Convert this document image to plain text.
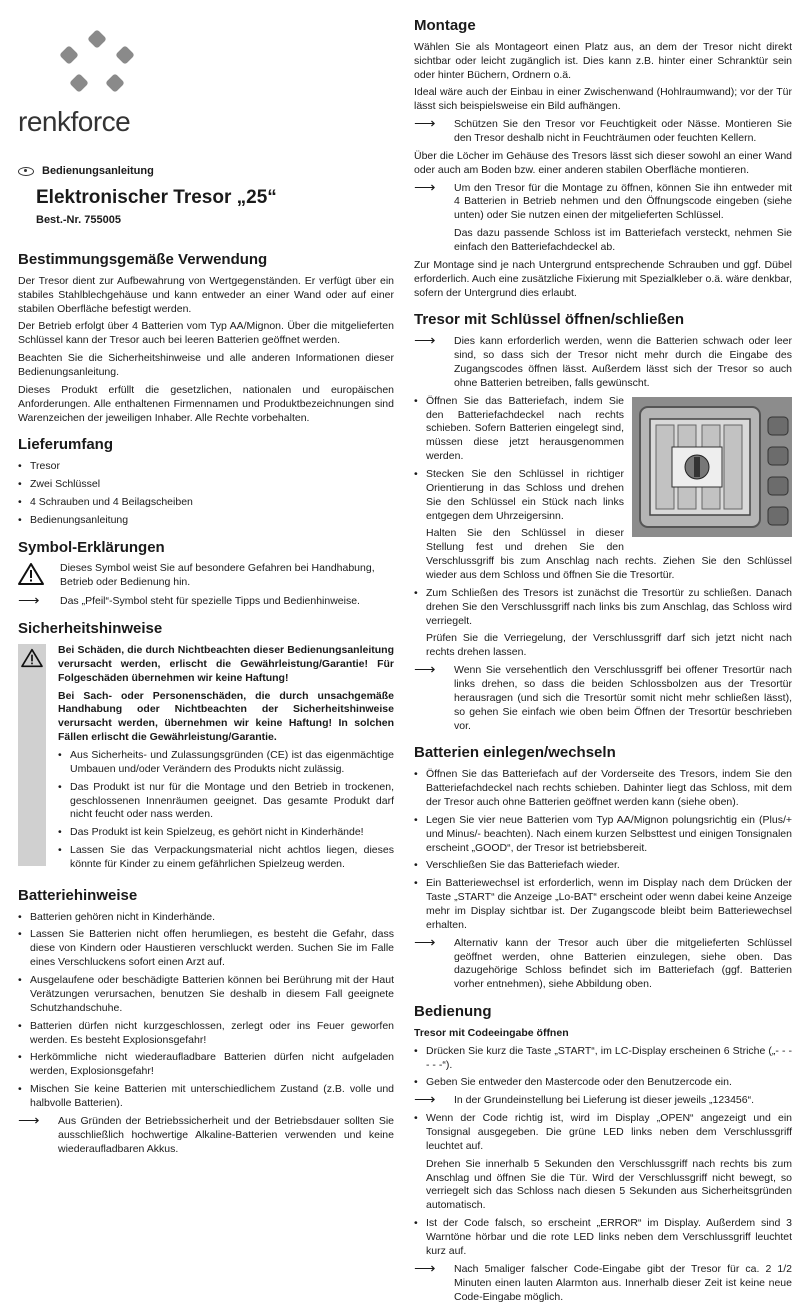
renkforce
Bedienungsanleitung
Elektronischer Tresor „25“
Best.-Nr. 755005
Bestimmungsgemäße Verwendung

Der Tresor dient zur Aufbewahrung von Wertgegenständen. Er verfügt über ein stabiles Stahlblechgehäuse und kann entweder an einer Wand oder auf einer stabilen Oberfläche befestigt werden.

Der Betrieb erfolgt über 4 Batterien vom Typ AA/Mignon. Über die mitgelieferten Schlüssel kann der Tresor auch bei leeren Batterien geöffnet werden.

Beachten Sie die Sicherheitshinweise und alle anderen Informationen dieser Bedienungsanleitung.

Dieses Produkt erfüllt die gesetzlichen, nationalen und europäischen Anforderungen. Alle enthaltenen Firmennamen und Produktbezeichnungen sind Warenzeichen der jeweiligen Inhaber. Alle Rechte vorbehalten.

Lieferumfang
• Tresor
• Zwei Schlüssel
• 4 Schrauben und 4 Beilagscheiben
• Bedienungsanleitung
Symbol-Erklärungen
Dieses Symbol weist Sie auf besondere Gefahren bei Handhabung, Betrieb oder Bedienung hin.
⟶	Das „Pfeil“-Symbol steht für spezielle Tipps und Bedienhinweise.
Sicherheitshinweise

Bei Schäden, die durch Nichtbeachten dieser Bedienungsanleitung verursacht werden, erlischt die Gewährleistung/Garantie! Für Folgeschäden übernehmen wir keine Haftung!

Bei Sach- oder Personenschäden, die durch unsachgemäße Handhabung oder Nichtbeachten der Sicherheitshinweise verursacht werden, übernehmen wir keine Haftung! In solchen Fällen erlischt die Gewährleistung/Garantie.

• Aus Sicherheits- und Zulassungsgründen (CE) ist das eigenmächtige Umbauen und/oder Verändern des Produkts nicht zulässig.
• Das Produkt ist nur für die Montage und den Betrieb in trockenen, geschlossenen Innenräumen geeignet. Das gesamte Produkt darf nicht feucht oder nass werden.
• Das Produkt ist kein Spielzeug, es gehört nicht in Kinderhände!
• Lassen Sie das Verpackungsmaterial nicht achtlos liegen, dieses könnte für Kinder zu einem gefährlichen Spielzeug werden.
Batteriehinweise
• Batterien gehören nicht in Kinderhände.
• Lassen Sie Batterien nicht offen herumliegen, es besteht die Gefahr, dass diese von Kindern oder Haustieren verschluckt werden. Suchen Sie im Falle eines Verschluckens sofort einen Arzt auf.
• Ausgelaufene oder beschädigte Batterien können bei Berührung mit der Haut Verätzungen verursachen, benutzen Sie deshalb in diesem Fall geeignete Schutzhandschuhe.
• Batterien dürfen nicht kurzgeschlossen, zerlegt oder ins Feuer geworfen werden. Es besteht Explosionsgefahr!
• Herkömmliche nicht wiederaufladbare Batterien dürfen nicht aufgeladen werden, Explosionsgefahr!
• Mischen Sie keine Batterien mit unterschiedlichem Zustand (z.B. volle und halbvolle Batterien).
⟶	Aus Gründen der Betriebssicherheit und der Betriebsdauer sollten Sie ausschließlich hochwertige Alkaline-Batterien verwenden und keine wiederaufladbaren Akkus.
Montage

Wählen Sie als Montageort einen Platz aus, an dem der Tresor nicht direkt sichtbar oder leicht zugänglich ist. Dies kann z.B. hinter einer Schranktür sein oder hinter Büchern, Ordnern o.ä.

Ideal wäre auch der Einbau in einer Zwischenwand (Hohlraumwand); vor der Tür lässt sich beispielsweise ein Bild aufhängen.

⟶	Schützen Sie den Tresor vor Feuchtigkeit oder Nässe. Montieren Sie den Tresor deshalb nicht in Feuchträumen oder feuchten Kellern.

Über die Löcher im Gehäuse des Tresors lässt sich dieser sowohl an einer Wand oder auch am Boden bzw. einer anderen stabilen Oberfläche montieren.

⟶	Um den Tresor für die Montage zu öffnen, können Sie ihn entweder mit 4 Batterien in Betrieb nehmen und den Öffnungscode eingeben (siehe unten) oder Sie nutzen einen der mitgelieferten Schlüssel.
Das dazu passende Schloss ist im Batteriefach versteckt, nehmen Sie einfach den Batteriefachdeckel ab.

Zur Montage sind je nach Untergrund entsprechende Schrauben und ggf. Dübel erforderlich. Auch eine zusätzliche Fixierung mit Spezialkleber o.ä. wäre denkbar, sofern der Untergrund dies erlaubt.

Tresor mit Schlüssel öffnen/schließen
⟶	Dies kann erforderlich werden, wenn die Batterien schwach oder leer sind, so dass sich der Tresor nicht mehr durch die Eingabe des Zugangscodes öffnen lässt. Außerdem lässt sich der Tresor so auch ohne Batterien betreiben, falls gewünscht.
• Öffnen Sie das Batteriefach, indem Sie den Batteriefachdeckel nach rechts schieben. Sofern Batterien eingelegt sind, müssen diese jetzt herausgenommen werden.
• Stecken Sie den Schlüssel in richtiger Orientierung in das Schloss und drehen Sie den Schlüssel ein Stück nach links entgegen dem Uhrzeigersinn.
Halten Sie den Schlüssel in dieser Stellung fest und drehen Sie den Verschlussgriff bis zum Anschlag nach rechts. Ziehen Sie den Schlüssel wieder aus dem Schloss und öffnen Sie die Tresortür.
• Zum Schließen des Tresors ist zunächst die Tresortür zu schließen. Danach drehen Sie den Verschlussgriff nach links bis zum Anschlag, das Schloss wird verriegelt.
Prüfen Sie die Verriegelung, der Verschlussgriff darf sich jetzt nicht nach rechts drehen lassen.
⟶	Wenn Sie versehentlich den Verschlussgriff bei offener Tresortür nach links drehen, so dass die beiden Schlossbolzen aus der Tresortür herausragen (und sich die Tresortür somit nicht mehr schließen lässt), so gehen Sie einfach wie oben beim Öffnen der Tresortür beschrieben vor.
Batterien einlegen/wechseln
• Öffnen Sie das Batteriefach auf der Vorderseite des Tresors, indem Sie den Batteriefachdeckel nach rechts schieben. Dahinter liegt das Schloss, mit dem der Tresor auch ohne Batterien geöffnet werden kann (siehe oben).
• Legen Sie vier neue Batterien vom Typ AA/Mignon polungsrichtig ein (Plus/+ und Minus/- beachten). Nach einem kurzen Selbsttest und einigen Tonsignalen erscheint „GOOD“, der Tresor ist betriebsbereit.
• Verschließen Sie das Batteriefach wieder.
• Ein Batteriewechsel ist erforderlich, wenn im Display nach dem Drücken der Taste „START“ die Anzeige „Lo-BAT“ erscheint oder wenn dabei keine Anzeige mehr im Display sichtbar ist. Der Zugangscode bleibt beim Batteriewechsel erhalten.
⟶	Alternativ kann der Tresor auch über die mitgelieferten Schlüssel geöffnet werden, ohne Batterien einzulegen, siehe oben. Das dazugehörige Schloss befindet sich im Batteriefach (ggf. Batterien vorher entnehmen), siehe Abbildung oben.
Bedienung
Tresor mit Codeeingabe öffnen
• Drücken Sie kurz die Taste „START“, im LC-Display erscheinen 6 Striche („- - - - - -“).
• Geben Sie entweder den Mastercode oder den Benutzercode ein.
⟶	In der Grundeinstellung bei Lieferung ist dieser jeweils „123456“.
• Wenn der Code richtig ist, wird im Display „OPEN“ angezeigt und ein Tonsignal ausgegeben. Die grüne LED links neben dem Verschlussgriff leuchtet auf.
Drehen Sie innerhalb 5 Sekunden den Verschlussgriff nach rechts bis zum Anschlag und öffnen Sie die Tür. Wird der Verschlussgriff nicht bewegt, so verriegelt sich das Schloss nach diesen 5 Sekunden aus Sicherheitsgründen automatisch.
• Ist der Code falsch, so erscheint „ERROR“ im Display. Außerdem sind 3 Warntöne hörbar und die rote LED links neben dem Verschlussgriff leuchtet kurz auf.
⟶	Nach 5maliger falscher Code-Eingabe gibt der Tresor für ca. 2 1/2 Minuten einen lauten Alarmton aus. Innerhalb dieser Zeit ist keine neue Code-Eingabe möglich.
